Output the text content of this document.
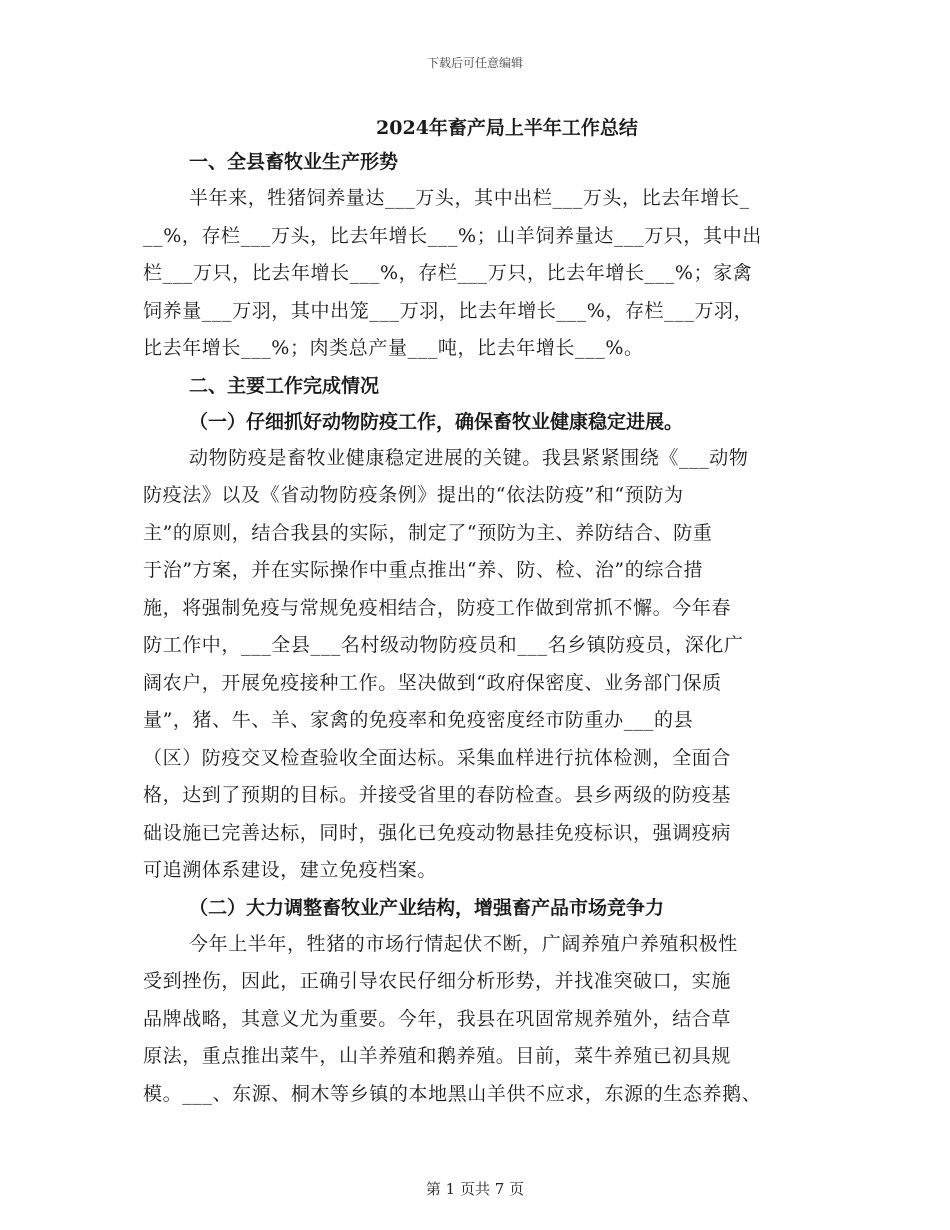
下载后可任意编辑
2024年畜产局上半年工作总结
一、全县畜牧业生产形势
半年来，牲猪饲养量达___万头，其中出栏___万头，比去年增长_
__%，存栏___万头，比去年增长___%；山羊饲养量达___万只，其中出
栏___万只，比去年增长___%，存栏___万只，比去年增长___%；家禽
饲养量___万羽，其中出笼___万羽，比去年增长___%，存栏___万羽，
比去年增长___%；肉类总产量___吨，比去年增长___%。
二、主要工作完成情况
（一）仔细抓好动物防疫工作，确保畜牧业健康稳定进展。
动物防疫是畜牧业健康稳定进展的关键。我县紧紧围绕《___动物
防疫法》以及《省动物防疫条例》提出的“依法防疫”和“预防为
主”的原则，结合我县的实际，制定了“预防为主、养防结合、防重
于治”方案，并在实际操作中重点推出“养、防、检、治”的综合措
施，将强制免疫与常规免疫相结合，防疫工作做到常抓不懈。今年春
防工作中，___全县___名村级动物防疫员和___名乡镇防疫员，深化广
阔农户，开展免疫接种工作。坚决做到“政府保密度、业务部门保质
量”，猪、牛、羊、家禽的免疫率和免疫密度经市防重办___的县
（区）防疫交叉检查验收全面达标。采集血样进行抗体检测，全面合
格，达到了预期的目标。并接受省里的春防检查。县乡两级的防疫基
础设施已完善达标，同时，强化已免疫动物悬挂免疫标识，强调疫病
可追溯体系建设，建立免疫档案。
（二）大力调整畜牧业产业结构，增强畜产品市场竞争力
今年上半年，牲猪的市场行情起伏不断，广阔养殖户养殖积极性
受到挫伤，因此，正确引导农民仔细分析形势，并找准突破口，实施
品牌战略，其意义尤为重要。今年，我县在巩固常规养殖外，结合草
原法，重点推出菜牛，山羊养殖和鹅养殖。目前，菜牛养殖已初具规
模。___、东源、桐木等乡镇的本地黑山羊供不应求，东源的生态养鹅、
第 1 页共 7 页
